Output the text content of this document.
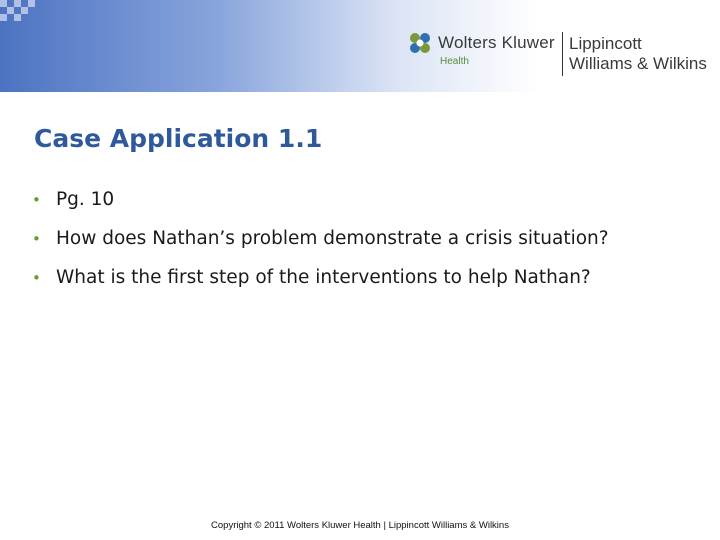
Wolters Kluwer
Health
Lippincott
Williams & Wilkins
Case Application 1.1
• Pg. 10
• How does Nathan’s problem demonstrate a crisis situation?
• What is the first step of the interventions to help Nathan?
Copyright © 2011 Wolters Kluwer Health | Lippincott Williams & Wilkins
